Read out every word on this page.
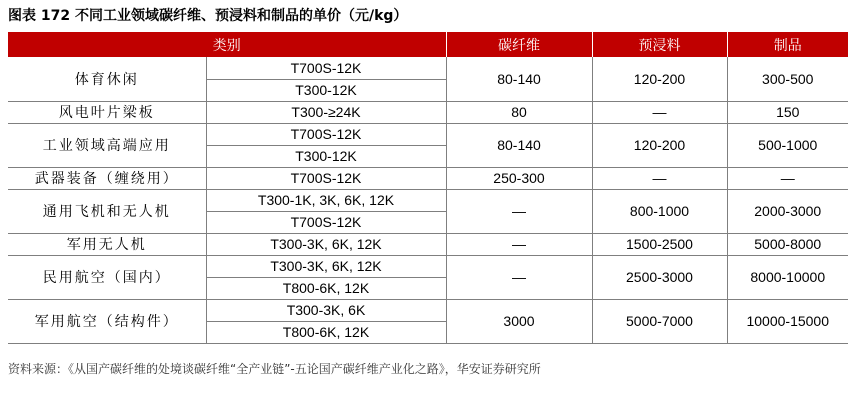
图表 172 不同工业领域碳纤维、预浸料和制品的单价（元/kg）
类别		碳纤维	预浸料	制品
体育休闲	T700S-12K	80-140	120-200	300-500
	T300-12K			
风电叶片梁板	T300-≥24K	80	—	150
工业领域高端应用	T700S-12K	80-140	120-200	500-1000
	T300-12K			
武器装备（缠绕用）	T700S-12K	250-300	—	—
通用飞机和无人机	T300-1K, 3K, 6K, 12K	—	800-1000	2000-3000
	T700S-12K			
军用无人机	T300-3K, 6K, 12K	—	1500-2500	5000-8000
民用航空（国内）	T300-3K, 6K, 12K	—	2500-3000	8000-10000
	T800-6K, 12K			
军用航空（结构件）	T300-3K, 6K	3000	5000-7000	10000-15000
	T800-6K, 12K			
资料来源：《从国产碳纤维的处境谈碳纤维“全产业链”-五论国产碳纤维产业化之路》，华安证券研究所
